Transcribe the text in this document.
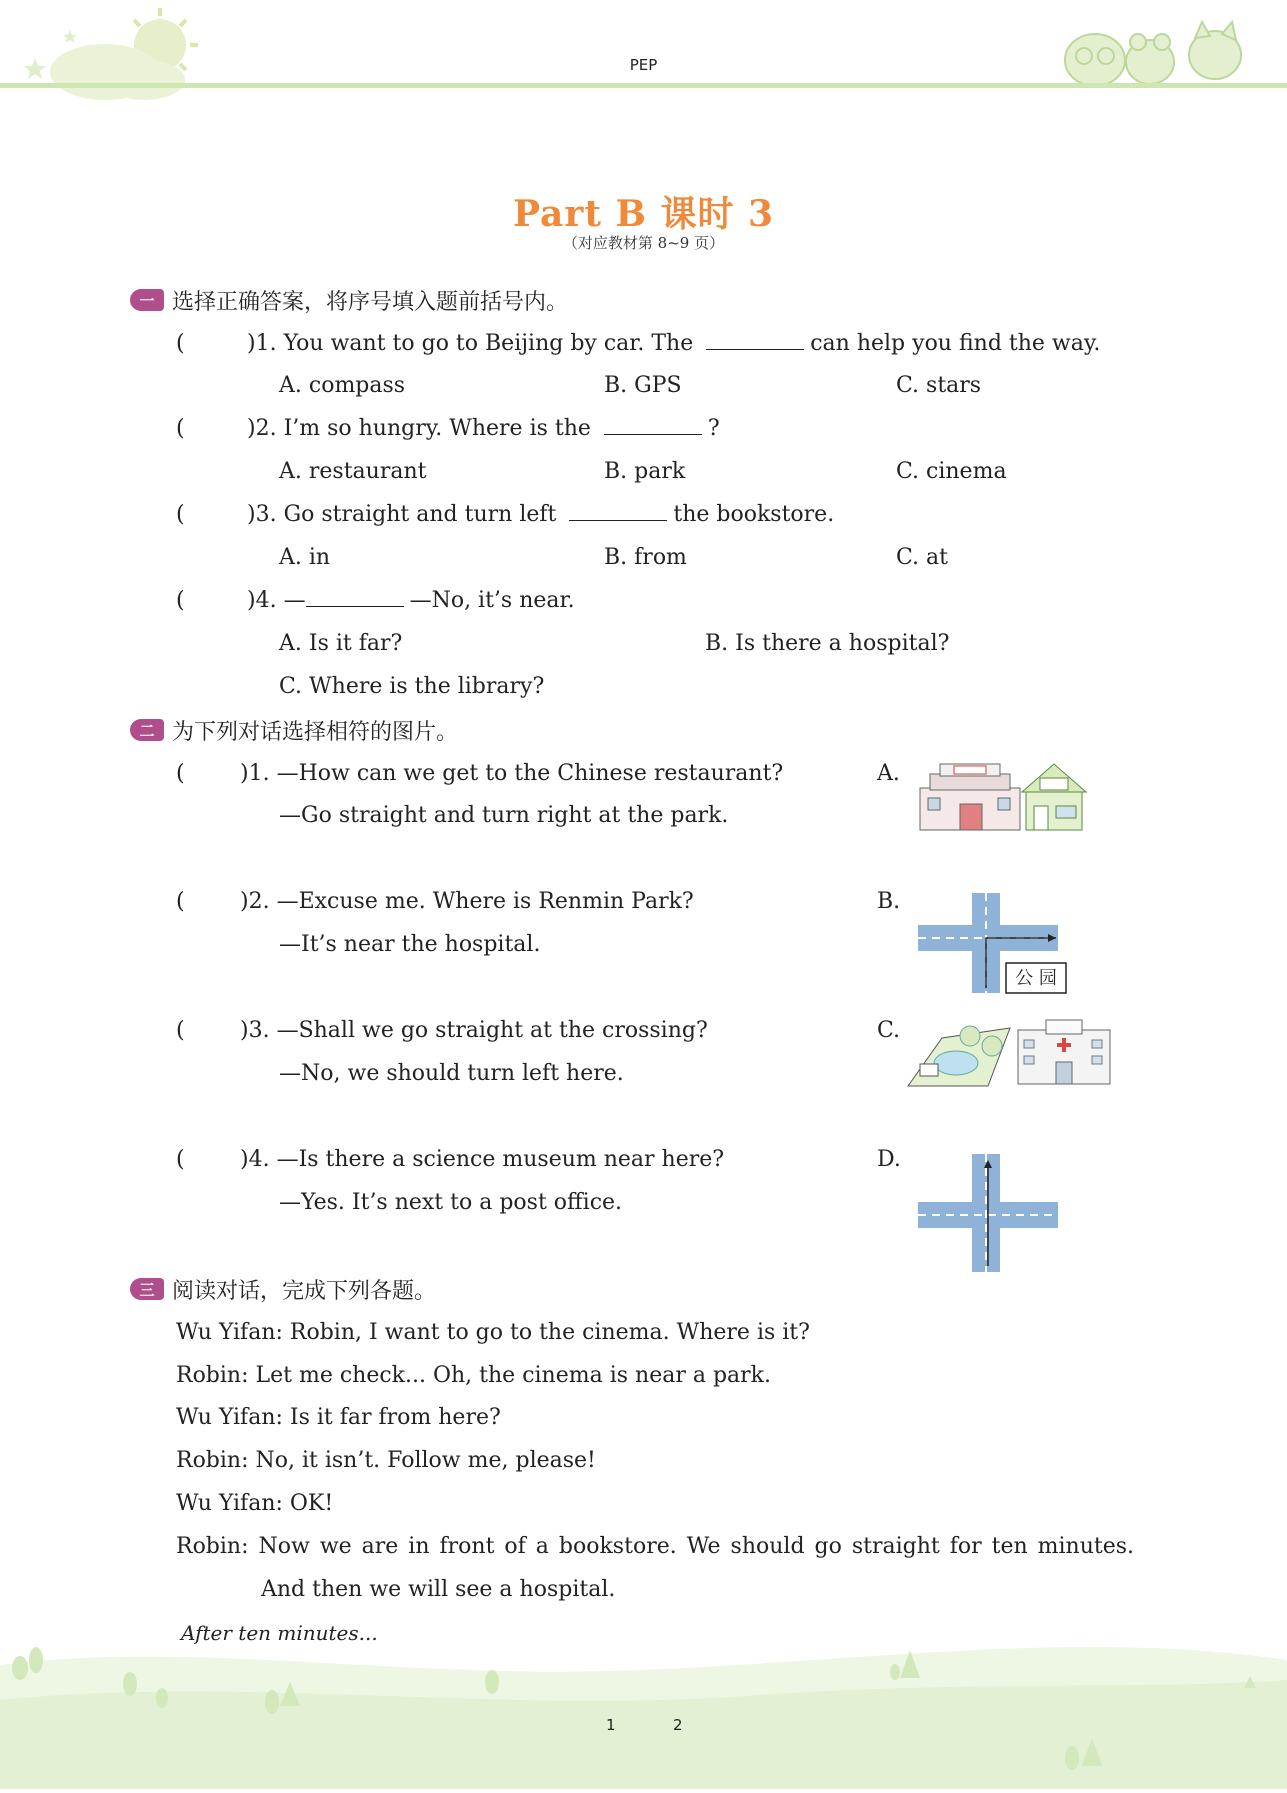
PEP
Part B 课时 3
（对应教材第 8~9 页）
一 选择正确答案，将序号填入题前括号内。
(	)1. You want to go to Beijing by car. The	can help you find the way.
A. compass	B. GPS	C. stars
(	)2. I’m so hungry. Where is the	?
A. restaurant	B. park	C. cinema
(	)3. Go straight and turn left	the bookstore.
A. in	B. from	C. at
(	)4. —	—No, it’s near.
A. Is it far?	B. Is there a hospital?
C. Where is the library?
二 为下列对话选择相符的图片。
(	)1. —How can we get to the Chinese restaurant?
—Go straight and turn right at the park.
(	)2. —Excuse me. Where is Renmin Park?
—It’s near the hospital.
(	)3. —Shall we go straight at the crossing?
—No, we should turn left here.
(	)4. —Is there a science museum near here?
—Yes. It’s next to a post office.
A.
B.
公 园
C.
D.
三 阅读对话，完成下列各题。
Wu Yifan: Robin, I want to go to the cinema. Where is it?
Robin: Let me check... Oh, the cinema is near a park.
Wu Yifan: Is it far from here?
Robin: No, it isn’t. Follow me, please!
Wu Yifan: OK!
Robin: Now we are in front of a bookstore. We should go straight for ten minutes.
And then we will see a hospital.
After ten minutes...
1	2
